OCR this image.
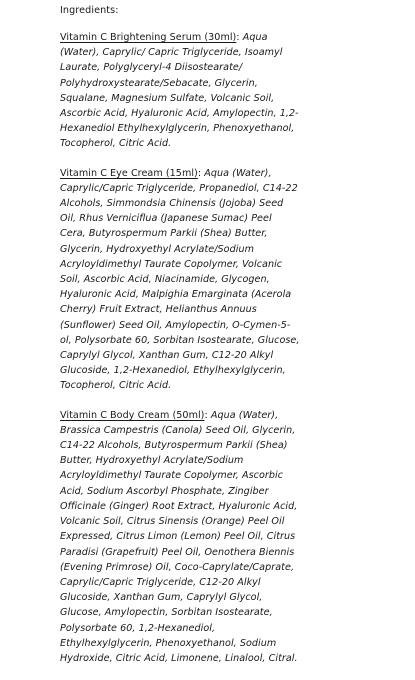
Ingredients:

Vitamin C Brightening Serum (30ml): Aqua (Water), Caprylic/ Capric Triglyceride, Isoamyl Laurate, Polyglyceryl-4 Diisostearate/ Polyhydroxystearate/Sebacate, Glycerin, Squalane, Magnesium Sulfate, Volcanic Soil, Ascorbic Acid, Hyaluronic Acid, Amylopectin, 1,2-Hexanediol Ethylhexylglycerin, Phenoxyethanol, Tocopherol, Citric Acid.

Vitamin C Eye Cream (15ml): Aqua (Water), Caprylic/Capric Triglyceride, Propanediol, C14-22 Alcohols, Simmondsia Chinensis (Jojoba) Seed Oil, Rhus Verniciflua (Japanese Sumac) Peel Cera, Butyrospermum Parkii (Shea) Butter, Glycerin, Hydroxyethyl Acrylate/Sodium Acryloyldimethyl Taurate Copolymer, Volcanic Soil, Ascorbic Acid, Niacinamide, Glycogen, Hyaluronic Acid, Malpighia Emarginata (Acerola Cherry) Fruit Extract, Helianthus Annuus (Sunflower) Seed Oil, Amylopectin, O-Cymen-5-ol, Polysorbate 60, Sorbitan Isostearate, Glucose, Caprylyl Glycol, Xanthan Gum, C12-20 Alkyl Glucoside, 1,2-Hexanediol, Ethylhexylglycerin, Tocopherol, Citric Acid.

Vitamin C Body Cream (50ml): Aqua (Water), Brassica Campestris (Canola) Seed Oil, Glycerin, C14-22 Alcohols, Butyrospermum Parkii (Shea) Butter, Hydroxyethyl Acrylate/Sodium Acryloyldimethyl Taurate Copolymer, Ascorbic Acid, Sodium Ascorbyl Phosphate, Zingiber Officinale (Ginger) Root Extract, Hyaluronic Acid, Volcanic Soil, Citrus Sinensis (Orange) Peel Oil Expressed, Citrus Limon (Lemon) Peel Oil, Citrus Paradisi (Grapefruit) Peel Oil, Oenothera Biennis (Evening Primrose) Oil, Coco-Caprylate/Caprate, Caprylic/Capric Triglyceride, C12-20 Alkyl Glucoside, Xanthan Gum, Caprylyl Glycol, Glucose, Amylopectin, Sorbitan Isostearate, Polysorbate 60, 1,2-Hexanediol, Ethylhexylglycerin, Phenoxyethanol, Sodium Hydroxide, Citric Acid, Limonene, Linalool, Citral.
